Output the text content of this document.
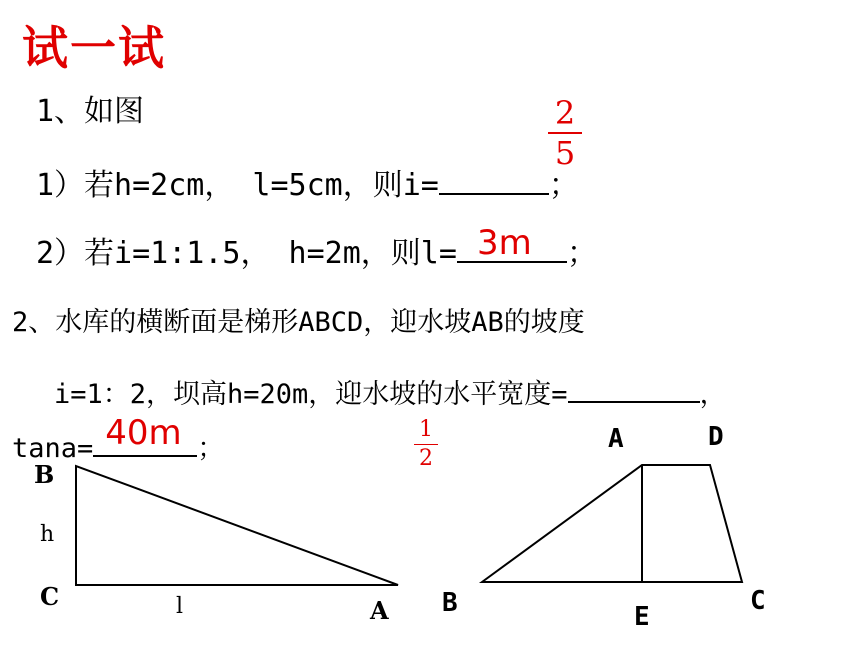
试一试
1、如图
1）若h=2cm， l=5cm，则i=	；
2
5
2）若i=1:1.5， h=2m，则l= 3m ；
2、水库的横断面是梯形ABCD，迎水坡AB的坡度
i=1：2，坝高h=20m，迎水坡的水平宽度=	，
tana= 40m ；
1
2
B
C	A
h
l
A	D
B	E
C
